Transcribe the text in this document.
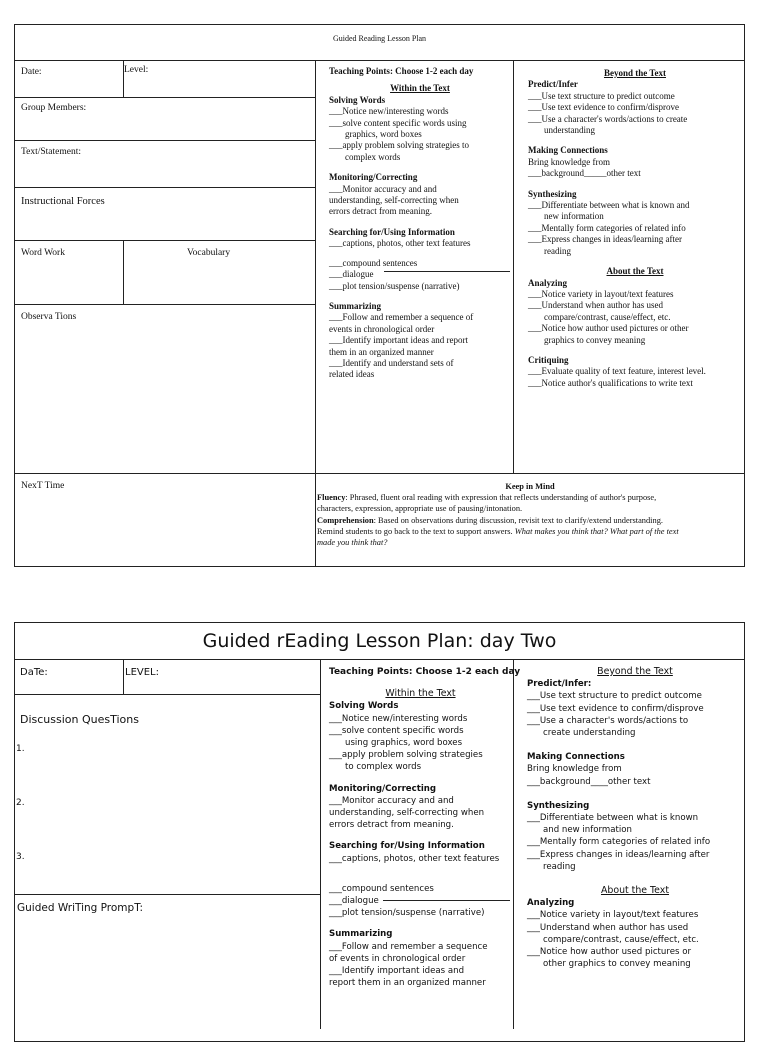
Guided Reading Lesson Plan
Date:	Level:
Group Members:
Text/Statement:
Instructional Forces
Word Work	Vocabulary
Observa Tions
NexT Time
Teaching Points: Choose 1-2 each day
Within the Text
Solving Words
___Notice new/interesting words
___solve content specific words using
graphics, word boxes
___apply problem solving strategies to
complex words
Monitoring/Correcting
___Monitor accuracy and and
understanding, self-correcting when
errors detract from meaning.
Searching for/Using Information
___captions, photos, other text features
___compound sentences
___dialogue
___plot tension/suspense (narrative)
Summarizing
___Follow and remember a sequence of
events in chronological order
___Identify important ideas and report
them in an organized manner
___Identify and understand sets of
related ideas
Beyond the Text
Predict/Infer
___Use text structure to predict outcome
___Use text evidence to confirm/disprove
___Use a character's words/actions to create
understanding
Making Connections
Bring knowledge from
___background_____other text
Synthesizing
___Differentiate between what is known and
new information
___Mentally form categories of related info
___Express changes in ideas/learning after
reading
About the Text
Analyzing
___Notice variety in layout/text features
___Understand when author has used
compare/contrast, cause/effect, etc.
___Notice how author used pictures or other
graphics to convey meaning
Critiquing
___Evaluate quality of text feature, interest level.
___Notice author's qualifications to write text
Keep in Mind
Fluency: Phrased, fluent oral reading with expression that reflects understanding of author's purpose,
characters, expression, appropriate use of pausing/intonation.
Comprehension: Based on observations during discussion, revisit text to clarify/extend understanding.
Remind students to go back to the text to support answers. What makes you think that? What part of the text
made you think that?
Guided rEading Lesson Plan: day Two
DaTe:	LEVEL:
Discussion QuesTions
1.
2.
3.
Guided WriTing PrompT:
Teaching Points: Choose 1-2 each day
Within the Text
Solving Words
___Notice new/interesting words
___solve content specific words
using graphics, word boxes
___apply problem solving strategies
to complex words
Monitoring/Correcting
___Monitor accuracy and and
understanding, self-correcting when
errors detract from meaning.
Searching for/Using Information
___captions, photos, other text features
___compound sentences
___dialogue
___plot tension/suspense (narrative)
Summarizing
___Follow and remember a sequence
of events in chronological order
___Identify important ideas and
report them in an organized manner
Beyond the Text
Predict/Infer:
___Use text structure to predict outcome
___Use text evidence to confirm/disprove
___Use a character's words/actions to
create understanding
Making Connections
Bring knowledge from
___background____other text
Synthesizing
___Differentiate between what is known
and new information
___Mentally form categories of related info
___Express changes in ideas/learning after
reading
About the Text
Analyzing
___Notice variety in layout/text features
___Understand when author has used
compare/contrast, cause/effect, etc.
___Notice how author used pictures or
other graphics to convey meaning
